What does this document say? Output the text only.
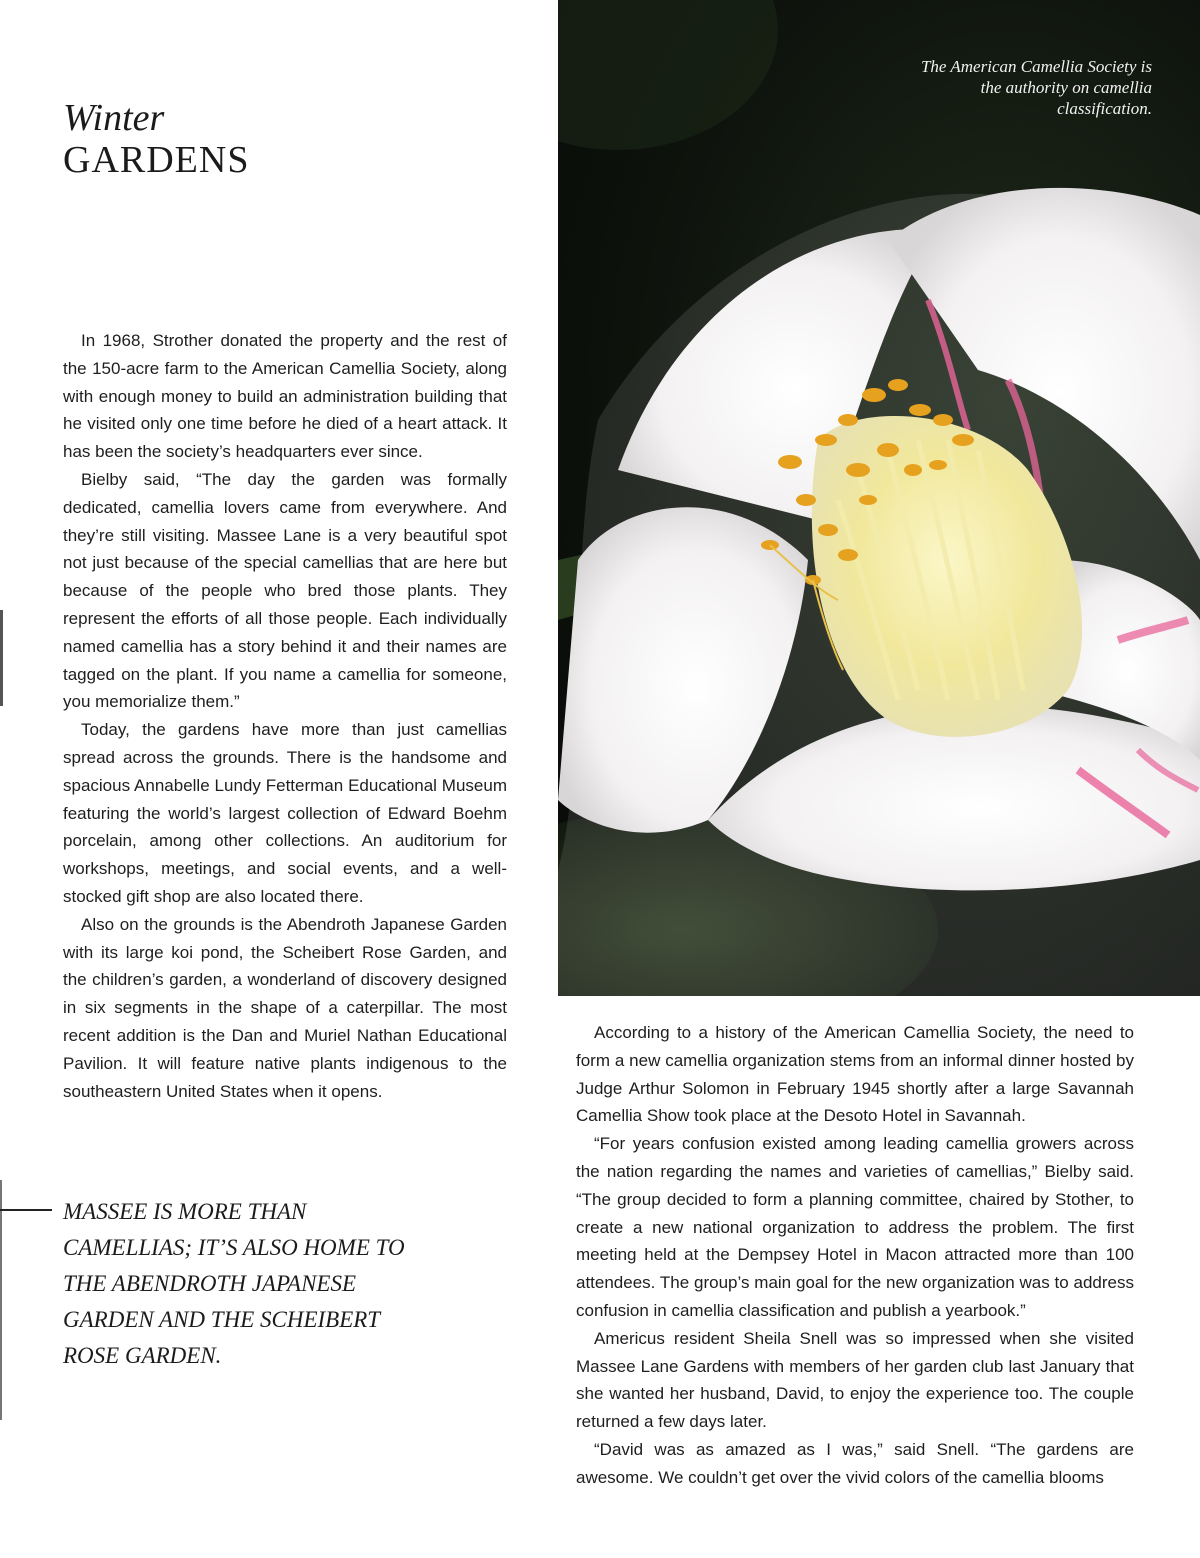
Winter
GARDENS

In 1968, Strother donated the property and the rest of the 150-acre farm to the American Camellia Society, along with enough money to build an administration building that he visited only one time before he died of a heart attack. It has been the society’s headquarters ever since.

Bielby said, “The day the garden was formally dedicated, camellia lovers came from everywhere. And they’re still visiting. Massee Lane is a very beautiful spot not just because of the special camellias that are here but because of the people who bred those plants. They represent the efforts of all those people. Each individually named camellia has a story behind it and their names are tagged on the plant. If you name a camellia for someone, you memorialize them.”

Today, the gardens have more than just camellias spread across the grounds. There is the handsome and spacious Annabelle Lundy Fetterman Educational Museum featuring the world’s largest collection of Edward Boehm porcelain, among other collections. An auditorium for workshops, meetings, and social events, and a well-stocked gift shop are also located there.

Also on the grounds is the Abendroth Japanese Garden with its large koi pond, the Scheibert Rose Garden, and the children’s garden, a wonderland of discovery designed in six segments in the shape of a caterpillar. The most recent addition is the Dan and Muriel Nathan Educational Pavilion. It will feature native plants indigenous to the southeastern United States when it opens.

MASSEE IS MORE THAN CAMELLIAS; IT’S ALSO HOME TO THE ABENDROTH JAPANESE GARDEN AND THE SCHEIBERT ROSE GARDEN.
The American Camellia Society is the authority on camellia classification.

According to a history of the American Camellia Society, the need to form a new camellia organization stems from an informal dinner hosted by Judge Arthur Solomon in February 1945 shortly after a large Savannah Camellia Show took place at the Desoto Hotel in Savannah.

“For years confusion existed among leading camellia growers across the nation regarding the names and varieties of camellias,” Bielby said. “The group decided to form a planning committee, chaired by Stother, to create a new national organization to address the problem. The first meeting held at the Dempsey Hotel in Macon attracted more than 100 attendees. The group’s main goal for the new organization was to address confusion in camellia classification and publish a yearbook.”

Americus resident Sheila Snell was so impressed when she visited Massee Lane Gardens with members of her garden club last January that she wanted her husband, David, to enjoy the experience too. The couple returned a few days later.

“David was as amazed as I was,” said Snell. “The gardens are awesome. We couldn’t get over the vivid colors of the camellia blooms
